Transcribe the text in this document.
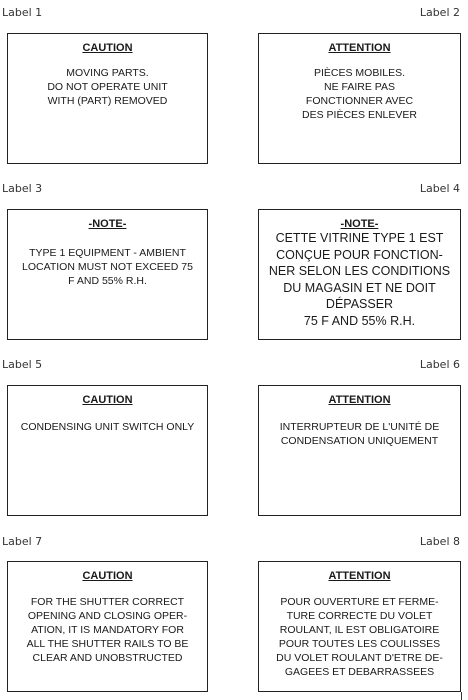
Label 1	Label 2
CAUTION
MOVING PARTS.
DO NOT OPERATE UNIT
WITH (PART) REMOVED
ATTENTION
PIÈCES MOBILES.
NE FAIRE PAS
FONCTIONNER AVEC
DES PIÈCES ENLEVER
Label 3	Label 4
-NOTE-
TYPE 1 EQUIPMENT - AMBIENT
LOCATION MUST NOT EXCEED 75
F AND 55% R.H.
-NOTE-
CETTE VITRINE TYPE 1 EST
CONÇUE POUR FONCTION-
NER SELON LES CONDITIONS
DU MAGASIN ET NE DOIT
DÉPASSER
75 F AND 55% R.H.
Label 5	Label 6
CAUTION
CONDENSING UNIT SWITCH ONLY
ATTENTION
INTERRUPTEUR DE L'UNITÉ DE
CONDENSATION UNIQUEMENT
Label 7	Label 8
CAUTION
FOR THE SHUTTER CORRECT
OPENING AND CLOSING OPER-
ATION, IT IS MANDATORY FOR
ALL THE SHUTTER RAILS TO BE
CLEAR AND UNOBSTRUCTED
ATTENTION
POUR OUVERTURE ET FERME-
TURE CORRECTE DU VOLET
ROULANT, IL EST OBLIGATOIRE
POUR TOUTES LES COULISSES
DU VOLET ROULANT D'ETRE DE-
GAGEES ET DEBARRASSEES
